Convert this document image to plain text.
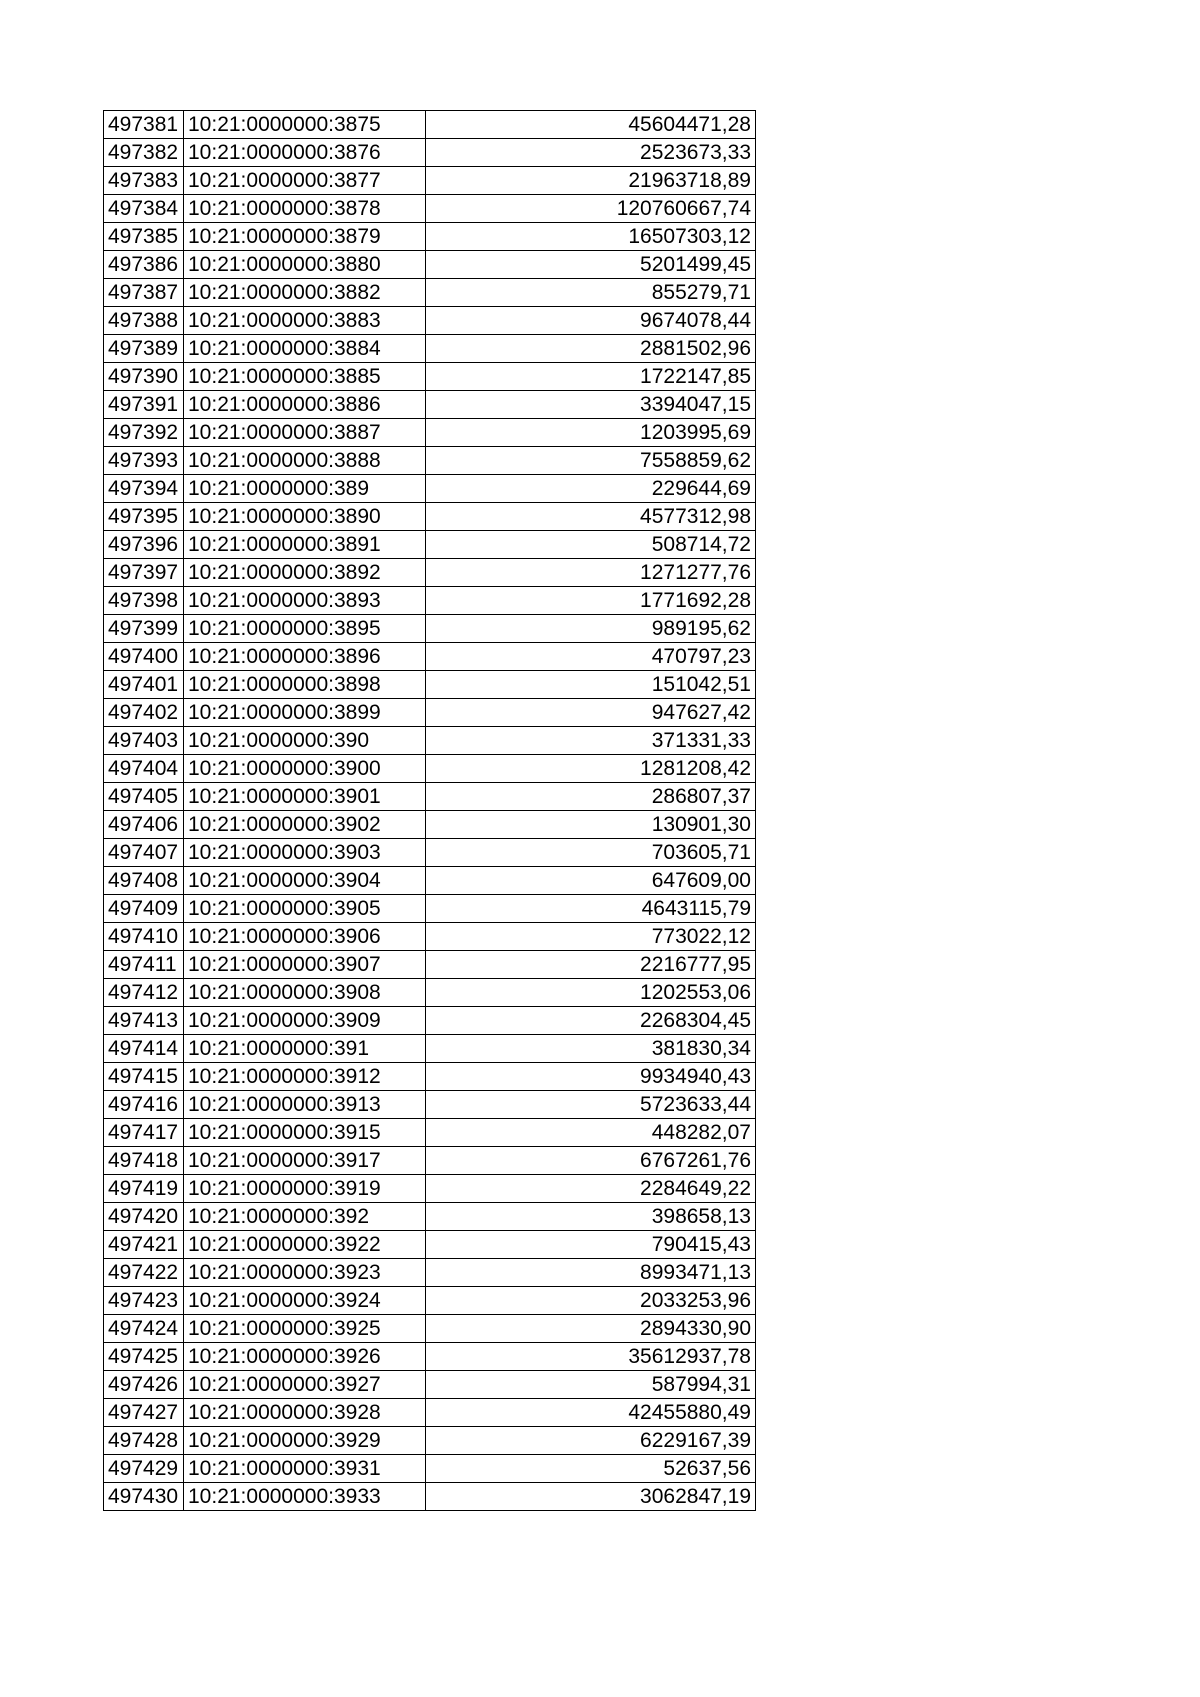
497381	10:21:0000000:3875	45604471,28
497382	10:21:0000000:3876	2523673,33
497383	10:21:0000000:3877	21963718,89
497384	10:21:0000000:3878	120760667,74
497385	10:21:0000000:3879	16507303,12
497386	10:21:0000000:3880	5201499,45
497387	10:21:0000000:3882	855279,71
497388	10:21:0000000:3883	9674078,44
497389	10:21:0000000:3884	2881502,96
497390	10:21:0000000:3885	1722147,85
497391	10:21:0000000:3886	3394047,15
497392	10:21:0000000:3887	1203995,69
497393	10:21:0000000:3888	7558859,62
497394	10:21:0000000:389	229644,69
497395	10:21:0000000:3890	4577312,98
497396	10:21:0000000:3891	508714,72
497397	10:21:0000000:3892	1271277,76
497398	10:21:0000000:3893	1771692,28
497399	10:21:0000000:3895	989195,62
497400	10:21:0000000:3896	470797,23
497401	10:21:0000000:3898	151042,51
497402	10:21:0000000:3899	947627,42
497403	10:21:0000000:390	371331,33
497404	10:21:0000000:3900	1281208,42
497405	10:21:0000000:3901	286807,37
497406	10:21:0000000:3902	130901,30
497407	10:21:0000000:3903	703605,71
497408	10:21:0000000:3904	647609,00
497409	10:21:0000000:3905	4643115,79
497410	10:21:0000000:3906	773022,12
497411	10:21:0000000:3907	2216777,95
497412	10:21:0000000:3908	1202553,06
497413	10:21:0000000:3909	2268304,45
497414	10:21:0000000:391	381830,34
497415	10:21:0000000:3912	9934940,43
497416	10:21:0000000:3913	5723633,44
497417	10:21:0000000:3915	448282,07
497418	10:21:0000000:3917	6767261,76
497419	10:21:0000000:3919	2284649,22
497420	10:21:0000000:392	398658,13
497421	10:21:0000000:3922	790415,43
497422	10:21:0000000:3923	8993471,13
497423	10:21:0000000:3924	2033253,96
497424	10:21:0000000:3925	2894330,90
497425	10:21:0000000:3926	35612937,78
497426	10:21:0000000:3927	587994,31
497427	10:21:0000000:3928	42455880,49
497428	10:21:0000000:3929	6229167,39
497429	10:21:0000000:3931	52637,56
497430	10:21:0000000:3933	3062847,19
